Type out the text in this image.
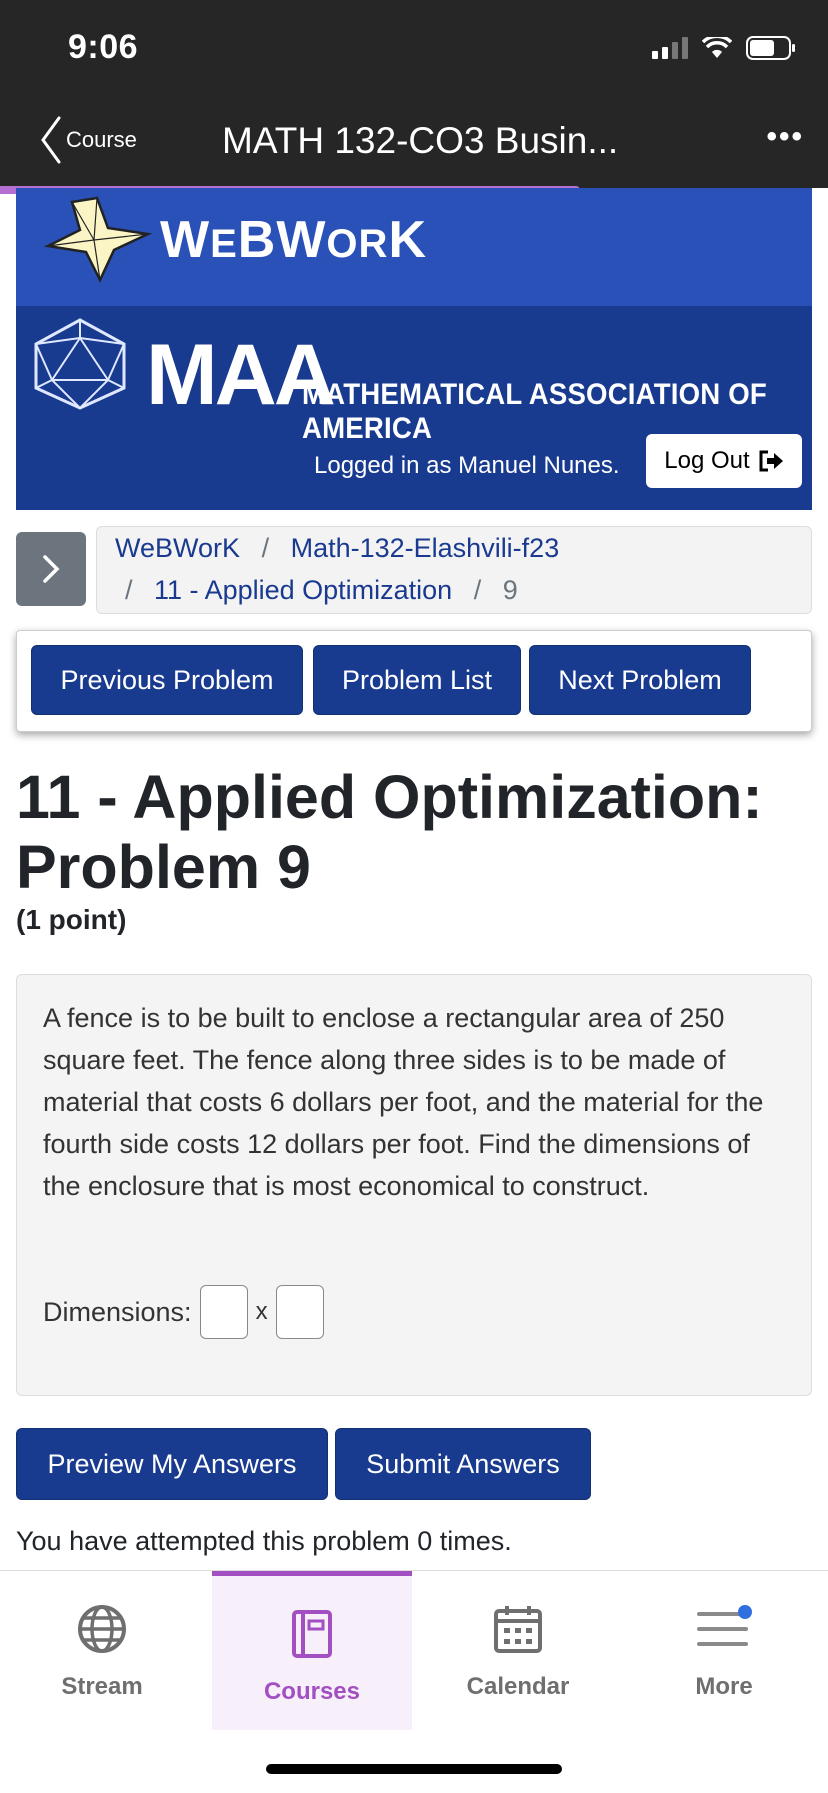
9:06
Course MATH 132-CO3 Busin...	•••
WEBWORK
MAA
MATHEMATICAL ASSOCIATION OF AMERICA
Logged in as Manuel Nunes. Log Out
WeBWorK / Math-132-Elashvili-f23
/ 11 - Applied Optimization / 9
Previous Problem	Problem List	Next Problem
11 - Applied Optimization: Problem 9
(1 point)
A fence is to be built to enclose a rectangular area of 250 square feet. The fence along three sides is to be made of material that costs 6 dollars per foot, and the material for the fourth side costs 12 dollars per foot. Find the dimensions of the enclosure that is most economical to construct.
Dimensions:	x
Preview My Answers	Submit Answers
You have attempted this problem 0 times.
Stream	Courses	Calendar	More
